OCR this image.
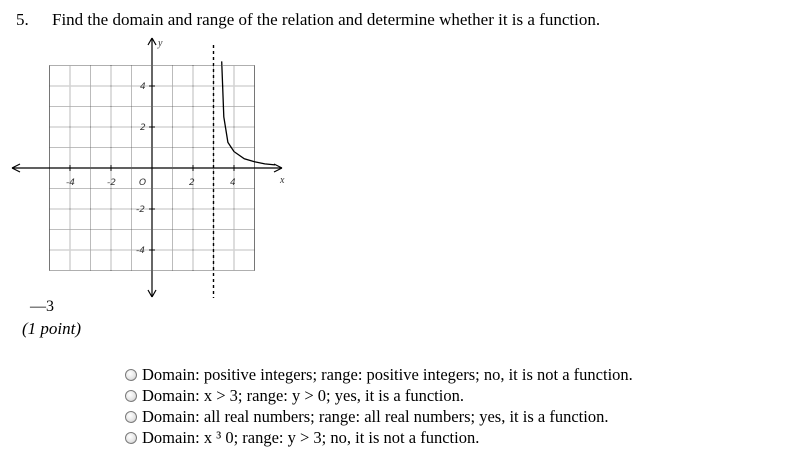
5. Find the domain and range of the relation and determine whether it is a function.
x
y
-4	-2	O	2	4
4
2
-2
-4
—3
(1 point)
Domain: positive integers; range: positive integers; no, it is not a function.
Domain: x > 3; range: y > 0; yes, it is a function.
Domain: all real numbers; range: all real numbers; yes, it is a function.
Domain: x ³ 0; range: y > 3; no, it is not a function.
